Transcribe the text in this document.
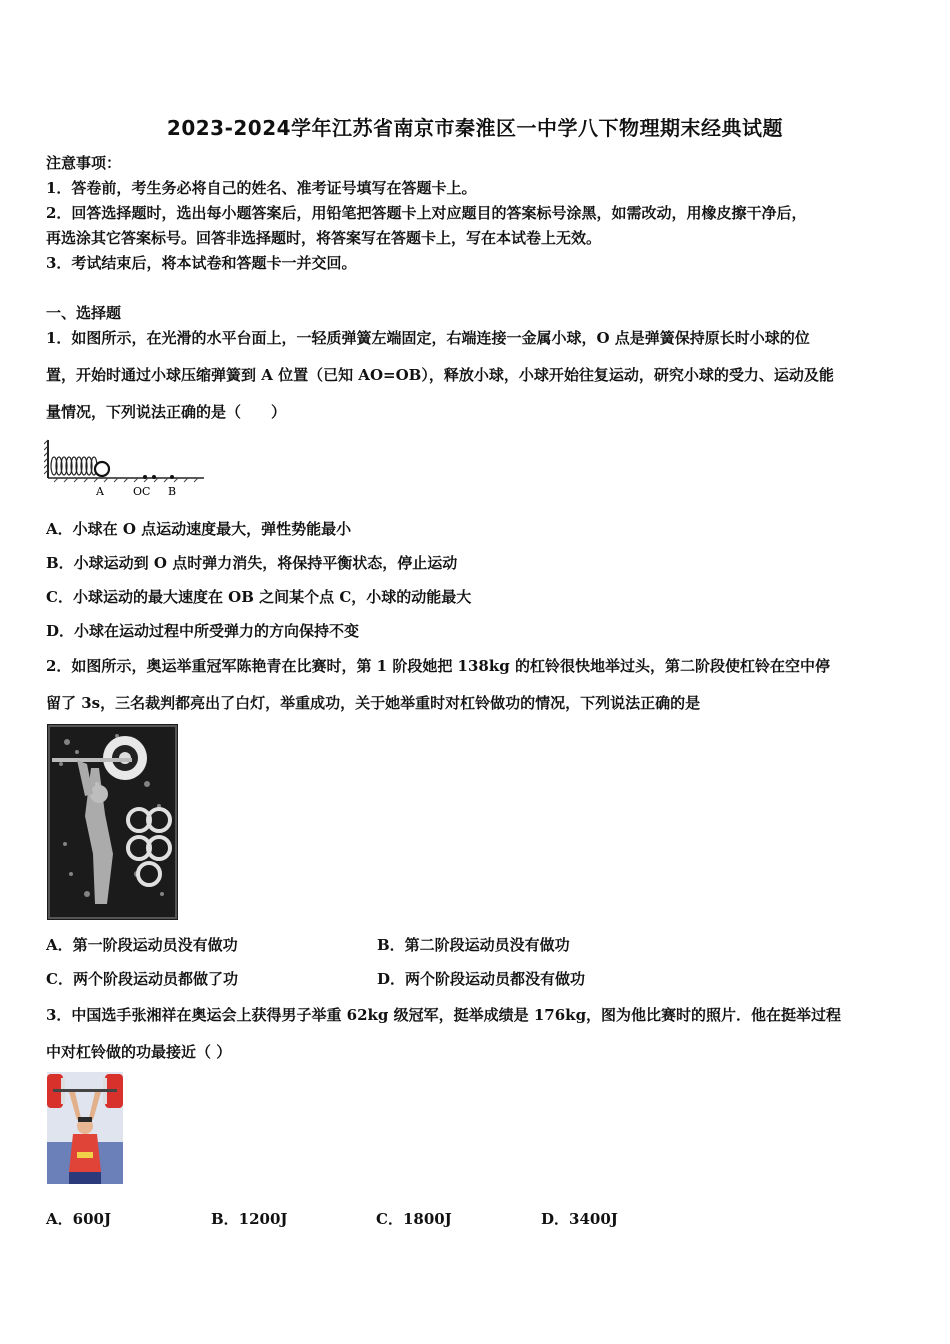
2023-2024学年江苏省南京市秦淮区一中学八下物理期末经典试题
注意事项：
1．答卷前，考生务必将自己的姓名、准考证号填写在答题卡上。
2．回答选择题时，选出每小题答案后，用铅笔把答题卡上对应题目的答案标号涂黑，如需改动，用橡皮擦干净后，
再选涂其它答案标号。回答非选择题时，将答案写在答题卡上，写在本试卷上无效。
3．考试结束后，将本试卷和答题卡一并交回。
一、选择题
1．如图所示，在光滑的水平台面上，一轻质弹簧左端固定，右端连接一金属小球，O 点是弹簧保持原长时小球的位
置，开始时通过小球压缩弹簧到 A 位置（已知 AO=OB），释放小球，小球开始往复运动，研究小球的受力、运动及能
量情况，下列说法正确的是（　　）
A	OC B
A．小球在 O 点运动速度最大，弹性势能最小
B．小球运动到 O 点时弹力消失，将保持平衡状态，停止运动
C．小球运动的最大速度在 OB 之间某个点 C，小球的动能最大
D．小球在运动过程中所受弹力的方向保持不变
2．如图所示，奥运举重冠军陈艳青在比赛时，第 1 阶段她把 138kg 的杠铃很快地举过头，第二阶段使杠铃在空中停
留了 3s，三名裁判都亮出了白灯，举重成功，关于她举重时对杠铃做功的情况，下列说法正确的是
A．第一阶段运动员没有做功	B．第二阶段运动员没有做功
C．两个阶段运动员都做了功	D．两个阶段运动员都没有做功
3．中国选手张湘祥在奥运会上获得男子举重 62kg 级冠军，挺举成绩是 176kg，图为他比赛时的照片．他在挺举过程
中对杠铃做的功最接近（ ）
A．600J	B．1200J	C．1800J	D．3400J
